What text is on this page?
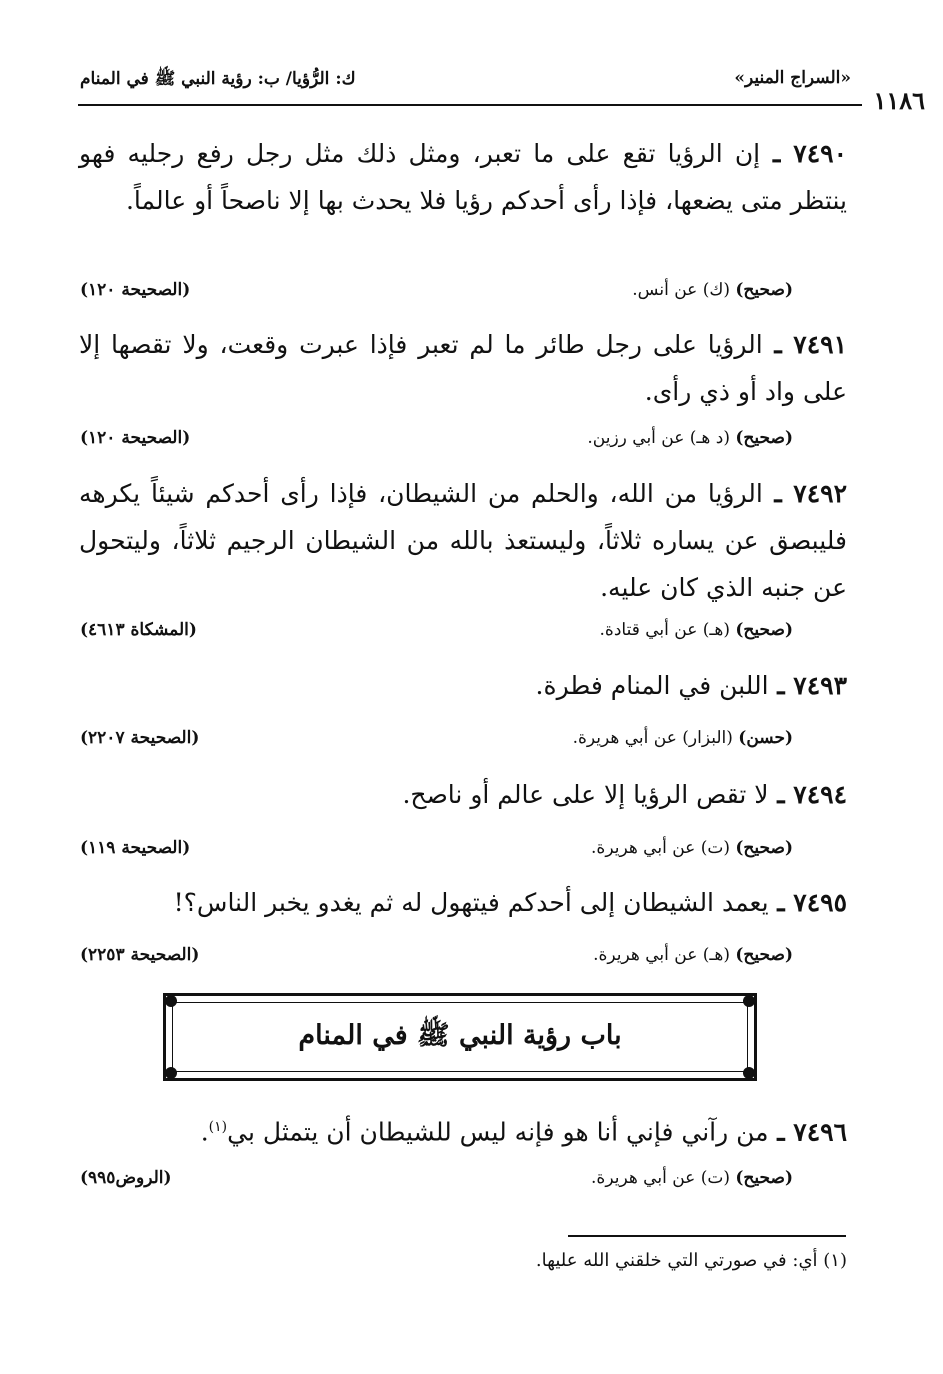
«السراج المنير»
ك: الرُّؤيا/ ب: رؤية النبي ﷺ في المنام
١١٨٦
٧٤٩٠ ـ إن الرؤيا تقع على ما تعبر، ومثل ذلك مثل رجل رفع رجليه فهو ينتظر متى يضعها، فإذا رأى أحدكم رؤيا فلا يحدث بها إلا ناصحاً أو عالماً.
(صحيح) (ك) عن أنس.
(الصحيحة ١٢٠)
٧٤٩١ ـ الرؤيا على رجل طائر ما لم تعبر فإذا عبرت وقعت، ولا تقصها إلا على واد أو ذي رأى.
(صحيح) (د هـ) عن أبي رزين.
(الصحيحة ١٢٠)
٧٤٩٢ ـ الرؤيا من الله، والحلم من الشيطان، فإذا رأى أحدكم شيئاً يكرهه فليبصق عن يساره ثلاثاً، وليستعذ بالله من الشيطان الرجيم ثلاثاً، وليتحول عن جنبه الذي كان عليه.
(صحيح) (هـ) عن أبي قتادة.
(المشكاة ٤٦١٣)
٧٤٩٣ ـ اللبن في المنام فطرة.
(حسن) (البزار) عن أبي هريرة.
(الصحيحة ٢٢٠٧)
٧٤٩٤ ـ لا تقص الرؤيا إلا على عالم أو ناصح.
(صحيح) (ت) عن أبي هريرة.
(الصحيحة ١١٩)
٧٤٩٥ ـ يعمد الشيطان إلى أحدكم فيتهول له ثم يغدو يخبر الناس؟!
(صحيح) (هـ) عن أبي هريرة.
(الصحيحة ٢٢٥٣)
باب رؤية النبي ﷺ في المنام
٧٤٩٦ ـ من رآني فإني أنا هو فإنه ليس للشيطان أن يتمثل بي$^{(١)}$.
(صحيح) (ت) عن أبي هريرة.
(الروض٩٩٥)
(١) أي: في صورتي التي خلقني الله عليها.
